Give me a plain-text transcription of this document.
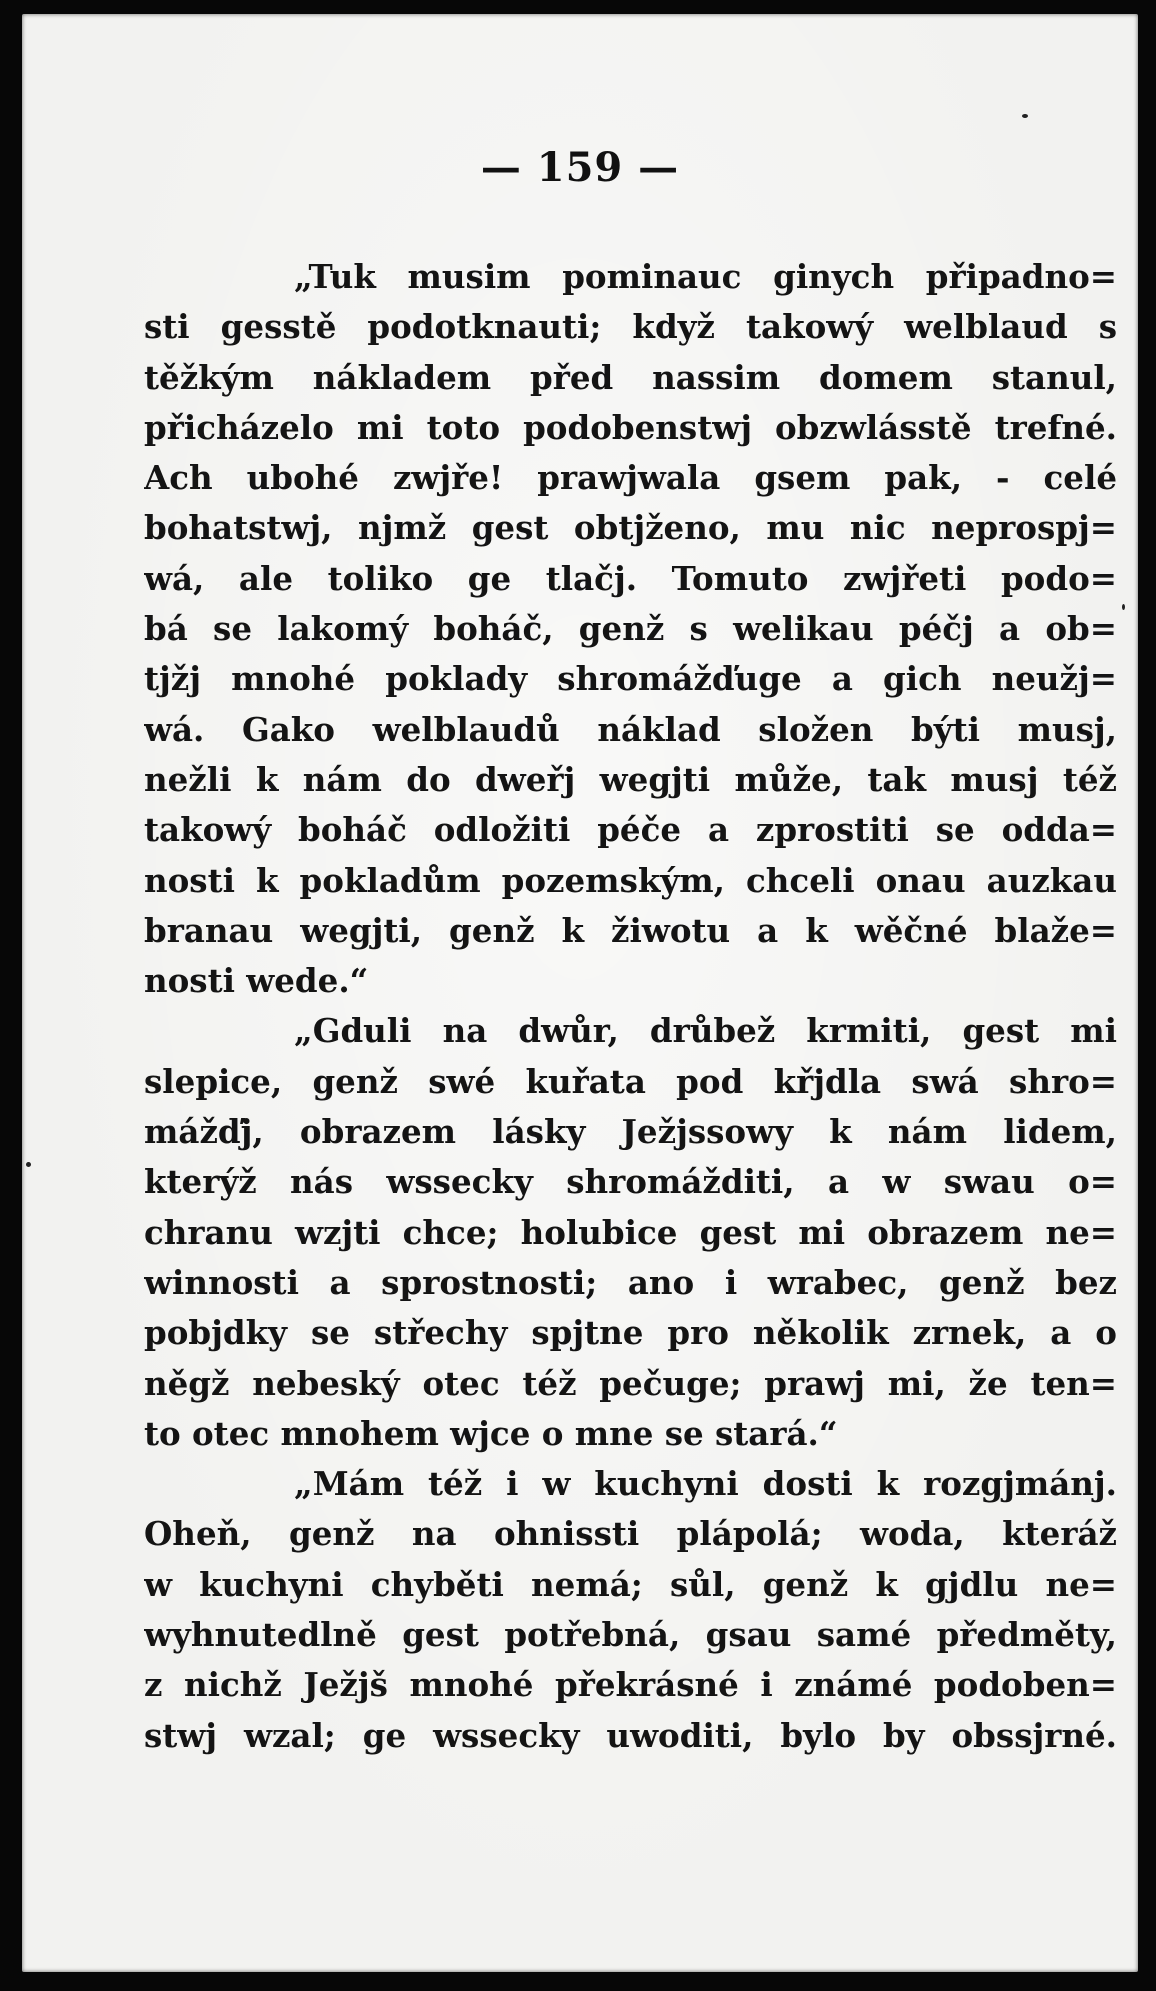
— 159 —
„Tuk musim pominauc ginych připadno=
sti gesstě podotknauti; když takowý welblaud s
těžkým nákladem před nassim domem stanul,
přicházelo mi toto podobenstwj obzwlásstě trefné.
Ach ubohé zwjře! prawjwala gsem pak, - celé
bohatstwj, njmž gest obtjženo, mu nic neprospj=
wá, ale toliko ge tlačj. Tomuto zwjřeti podo=
bá se lakomý boháč, genž s welikau péčj a ob=
tjžj mnohé poklady shromážďuge a gich neužj=
wá. Gako welblaudů náklad složen býti musj,
nežli k nám do dweřj wegjti může, tak musj též
takowý boháč odložiti péče a zprostiti se odda=
nosti k pokladům pozemským, chceli onau auzkau
branau wegjti, genž k žiwotu a k wěčné blaže=
nosti wede.“
„Gduli na dwůr, drůbež krmiti, gest mi
slepice, genž swé kuřata pod křjdla swá shro=
mážďj, obrazem lásky Ježjssowy k nám lidem,
kterýž nás wssecky shromážditi, a w swau o=
chranu wzjti chce; holubice gest mi obrazem ne=
winnosti a sprostnosti; ano i wrabec, genž bez
pobjdky se střechy spjtne pro několik zrnek, a o
něgž nebeský otec též pečuge; prawj mi, že ten=
to otec mnohem wjce o mne se stará.“
„Mám též i w kuchyni dosti k rozgjmánj.
Oheň, genž na ohnissti plápolá; woda, kteráž
w kuchyni chyběti nemá; sůl, genž k gjdlu ne=
wyhnutedlně gest potřebná, gsau samé předměty,
z nichž Ježjš mnohé překrásné i známé podoben=
stwj wzal; ge wssecky uwoditi, bylo by obssjrné.
